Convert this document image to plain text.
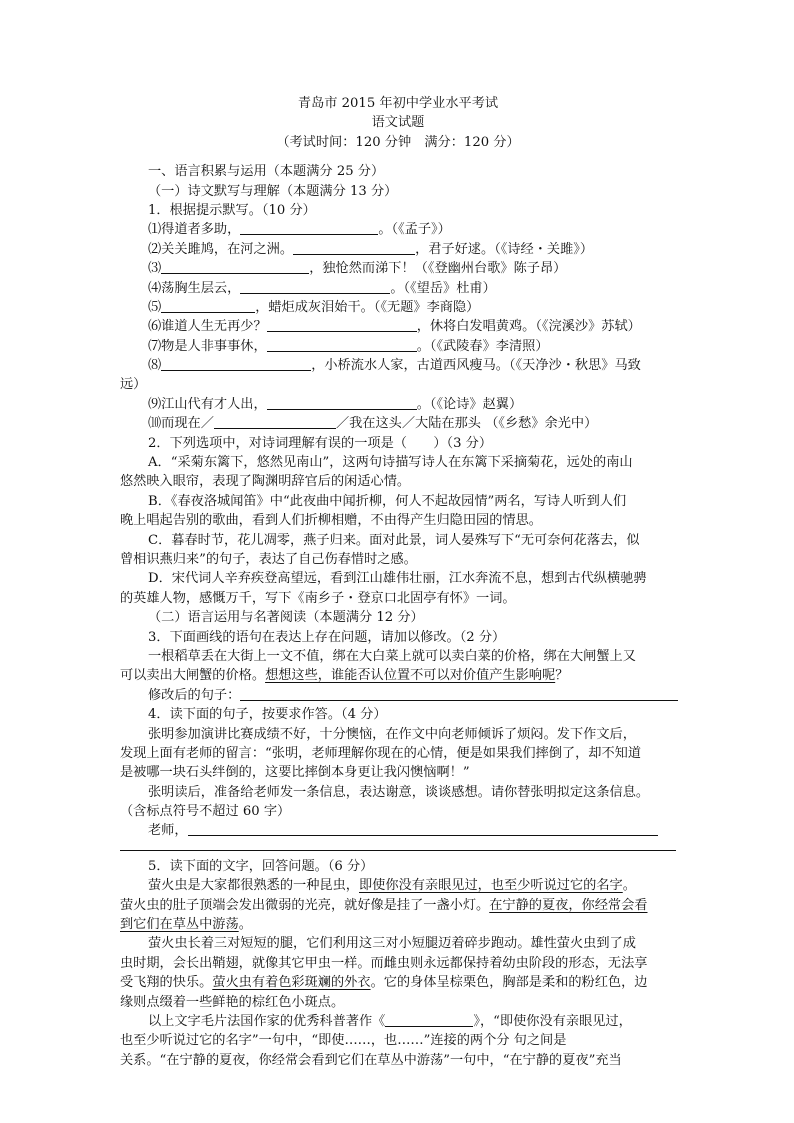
青岛市 2015 年初中学业水平考试
语文试题
（考试时间：120 分钟　满分：120 分）
一、语言积累与运用（本题满分 25 分）
（一）诗文默写与理解（本题满分 13 分）
1．根据提示默写。（10 分）
⑴得道者多助，	。（《孟子》）
⑵关关雎鸠，在河之洲。	，君子好逑。（《诗经・关雎》）
⑶	，独怆然而涕下！（《登幽州台歌》陈子昂）
⑷荡胸生层云，	。（《望岳》杜甫）
⑸	，蜡炬成灰泪始干。（《无题》李商隐）
⑹谁道人生无再少？	，休将白发唱黄鸡。（《浣溪沙》苏轼）
⑺物是人非事事休，	。（《武陵春》李清照）
⑻	，小桥流水人家，古道西风瘦马。（《天净沙・秋思》马致
远）
⑼江山代有才人出，	。（《论诗》赵翼）
⑽而现在／	／我在这头／大陆在那头 （《乡愁》余光中）
2．下列选项中，对诗词理解有误的一项是（　　）（3 分）
A．“采菊东篱下，悠然见南山”，这两句诗描写诗人在东篱下采摘菊花，远处的南山
悠然映入眼帘，表现了陶渊明辞官后的闲适心情。
B．《春夜洛城闻笛》中“此夜曲中闻折柳，何人不起故园情”两名，写诗人听到人们
晚上唱起告别的歌曲，看到人们折柳相赠，不由得产生归隐田园的情思。
C．暮春时节，花儿凋零，燕子归来。面对此景，词人晏殊写下“无可奈何花落去，似
曾相识燕归来”的句子，表达了自己伤春惜时之感。
D．宋代词人辛弃疾登高望远，看到江山雄伟壮丽，江水奔流不息，想到古代纵横驰骋
的英雄人物，感慨万千，写下《南乡子・登京口北固亭有怀》一词。
（二）语言运用与名著阅读（本题满分 12 分）
3．下面画线的语句在表达上存在问题，请加以修改。（2 分）
一根稻草丢在大街上一文不值，绑在大白菜上就可以卖白菜的价格，绑在大闸蟹上又
可以卖出大闸蟹的价格。想想这些，谁能否认位置不可以对价值产生影响呢？
修改后的句子：
4．读下面的句子，按要求作答。（4 分）
张明参加演讲比赛成绩不好，十分懊恼，在作文中向老师倾诉了烦闷。发下作文后，
发现上面有老师的留言：“张明，老师理解你现在的心情，便是如果我们摔倒了，却不知道
是被哪一块石头绊倒的，这要比摔倒本身更让我闪懊恼啊！”
张明读后，准备给老师发一条信息，表达谢意，谈谈感想。请你替张明拟定这条信息。
（含标点符号不超过 60 字）
老师，
5．读下面的文字，回答问题。（6 分）
萤火虫是大家都很熟悉的一种昆虫，即使你没有亲眼见过，也至少听说过它的名字。
萤火虫的肚子顶端会发出微弱的光亮，就好像是挂了一盏小灯。在宁静的夏夜，你经常会看
到它们在草丛中游荡。
萤火虫长着三对短短的腿，它们利用这三对小短腿迈着碎步跑动。雄性萤火虫到了成
虫时期，会长出鞘翅，就像其它甲虫一样。而雌虫则永远都保持着幼虫阶段的形态，无法享
受飞翔的快乐。萤火虫有着色彩斑斓的外衣。它的身体呈棕栗色，胸部是柔和的粉红色，边
缘则点缀着一些鲜艳的棕红色小斑点。
以上文字毛片法国作家的优秀科普著作《	》，“即使你没有亲眼见过，
也至少听说过它的名字”一句中，“即使……，也……”连接的两个分 句之间是
关系。“在宁静的夏夜，你经常会看到它们在草丛中游荡”一句中，“在宁静的夏夜”充当
